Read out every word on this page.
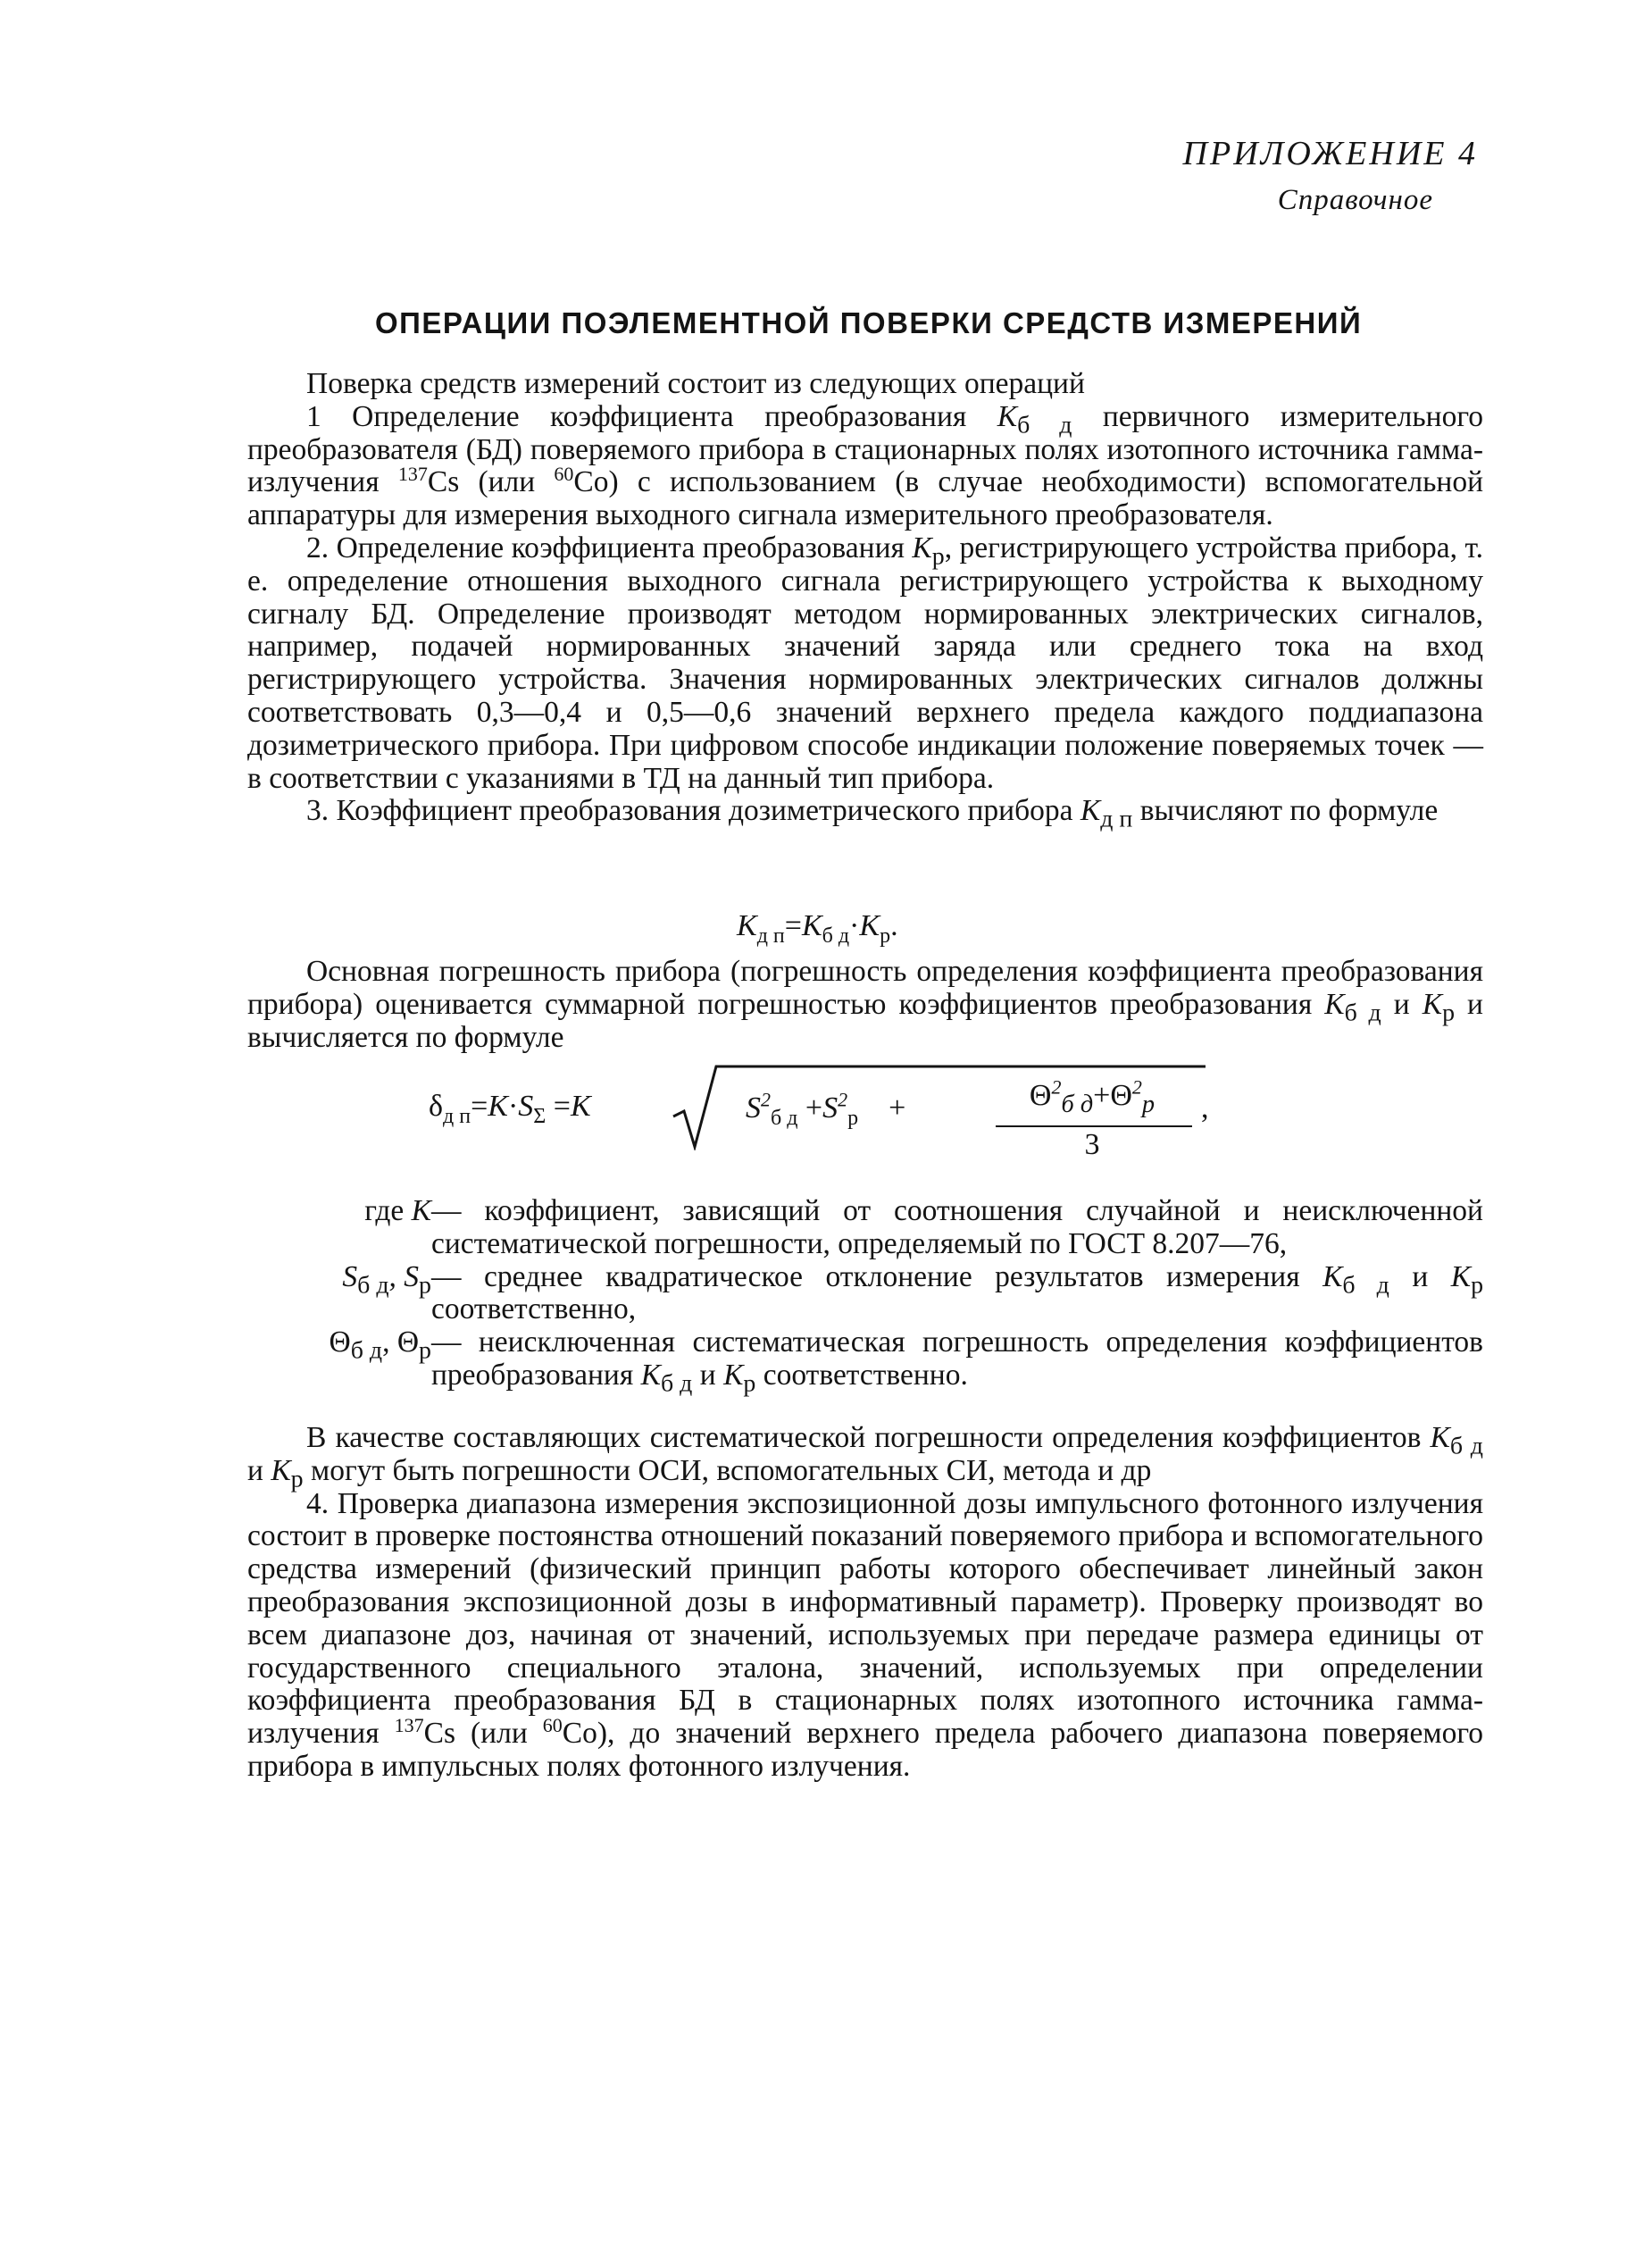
ПРИЛОЖЕНИЕ 4
Справочное
ОПЕРАЦИИ ПОЭЛЕМЕНТНОЙ ПОВЕРКИ СРЕДСТВ ИЗМЕРЕНИЙ

Поверка средств измерений состоит из следующих операций

1 Определение коэффициента преобразования $K_{б д}$ первичного измерительного преобразователя (БД) поверяемого прибора в стационарных полях изотопного источника гамма-излучения $^{137}$Cs (или $^{60}$Co) с использованием (в случае необходимости) вспомогательной аппаратуры для измерения выходного сигнала измерительного преобразователя.

2. Определение коэффициента преобразования $K_р$, регистрирующего устройства прибора, т. е. определение отношения выходного сигнала регистрирующего устройства к выходному сигналу БД. Определение производят методом нормированных электрических сигналов, например, подачей нормированных значений заряда или среднего тока на вход регистрирующего устройства. Значения нормированных электрических сигналов должны соответствовать 0,3—0,4 и 0,5—0,6 значений верхнего предела каждого поддиапазона дозиметрического прибора. При цифровом способе индикации положение поверяемых точек — в соответствии с указаниями в ТД на данный тип прибора.

3. Коэффициент преобразования дозиметрического прибора $K_{д п}$ вычисляют по формуле

$K_{д п}=K_{б д}\cdot K_р$.

Основная погрешность прибора (погрешность определения коэффициента преобразования прибора) оценивается суммарной погрешностью коэффициентов преобразования $K_{б д}$ и $K_р$ и вычисляется по формуле

$\delta_{д п}=K\cdot S_\Sigma =K$	$S^2_{б д} +S^2_р$ +	$\Theta^2_{б д}+\Theta^2_р$
3
,
где K — коэффициент, зависящий от соотношения случайной и неисключенной систематической погрешности, определяемый по ГОСТ 8.207—76,
$S_{б д}$, $S_р$ — среднее квадратическое отклонение результатов измерения $K_{б д}$ и $K_р$ соответственно,
$\Theta_{б д}$, $\Theta_р$ — неисключенная систематическая погрешность определения коэффициентов преобразования $K_{б д}$ и $K_р$ соответственно.

В качестве составляющих систематической погрешности определения коэффициентов $K_{б д}$ и $K_р$ могут быть погрешности ОСИ, вспомогательных СИ, метода и др

4. Проверка диапазона измерения экспозиционной дозы импульсного фотонного излучения состоит в проверке постоянства отношений показаний поверяемого прибора и вспомогательного средства измерений (физический принцип работы которого обеспечивает линейный закон преобразования экспозиционной дозы в информативный параметр). Проверку производят во всем диапазоне доз, начиная от значений, используемых при передаче размера единицы от государственного специального эталона, значений, используемых при определении коэффициента преобразования БД в стационарных полях изотопного источника гамма-излучения $^{137}$Cs (или $^{60}$Co), до значений верхнего предела рабочего диапазона поверяемого прибора в импульсных полях фотонного излучения.
